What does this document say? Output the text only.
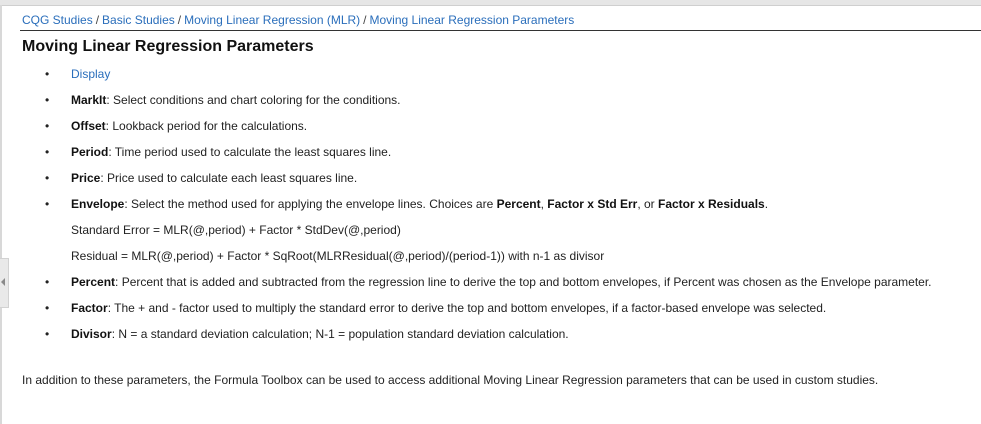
CQG Studies / Basic Studies / Moving Linear Regression (MLR) / Moving Linear Regression Parameters
Moving Linear Regression Parameters
• Display
• MarkIt: Select conditions and chart coloring for the conditions.
• Offset: Lookback period for the calculations.
• Period: Time period used to calculate the least squares line.
• Price: Price used to calculate each least squares line.
• Envelope: Select the method used for applying the envelope lines. Choices are Percent, Factor x Std Err, or Factor x Residuals.
Standard Error = MLR(@,period) + Factor * StdDev(@,period)
Residual = MLR(@,period) + Factor * SqRoot(MLRResidual(@,period)/(period-1)) with n-1 as divisor
• Percent: Percent that is added and subtracted from the regression line to derive the top and bottom envelopes, if Percent was chosen as the Envelope parameter.
• Factor: The + and - factor used to multiply the standard error to derive the top and bottom envelopes, if a factor-based envelope was selected.
• Divisor: N = a standard deviation calculation; N-1 = population standard deviation calculation.
In addition to these parameters, the Formula Toolbox can be used to access additional Moving Linear Regression parameters that can be used in custom studies.
